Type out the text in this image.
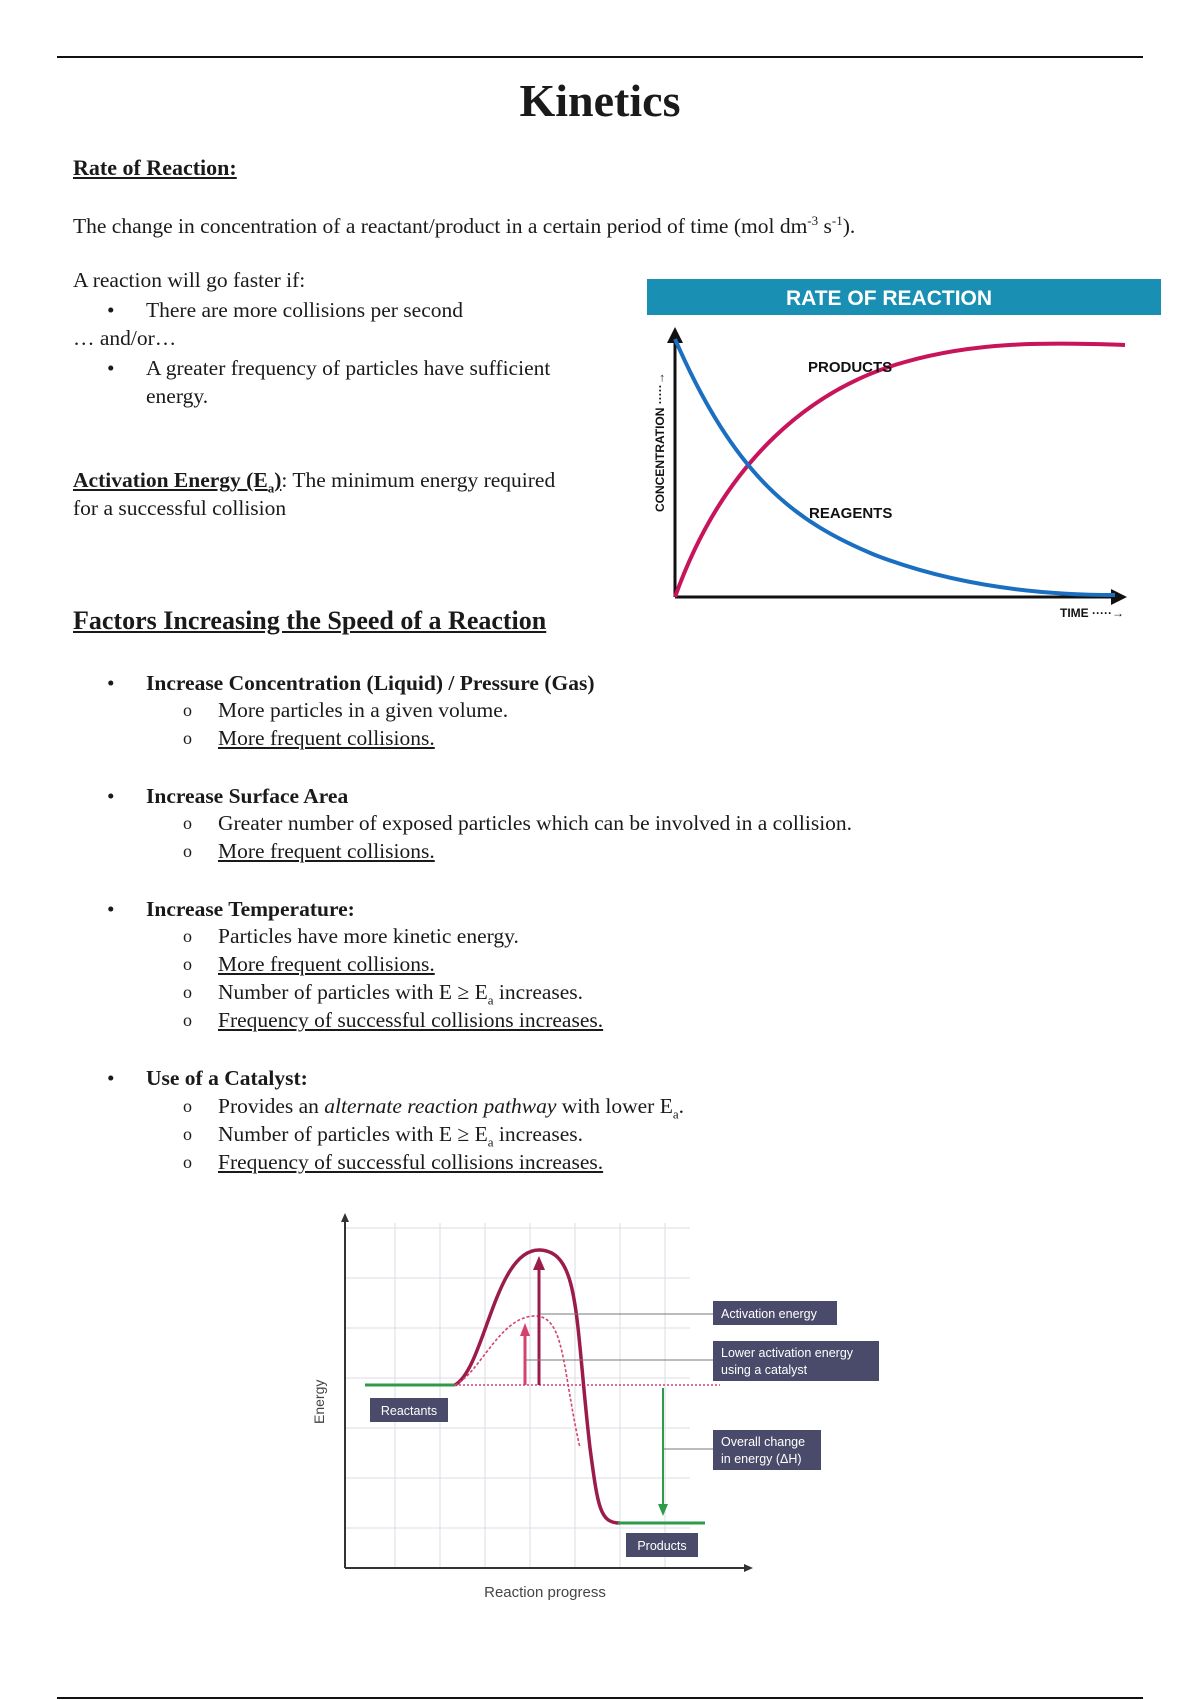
Kinetics
Rate of Reaction:

The change in concentration of a reactant/product in a certain period of time (mol $dm^{-3}$ $s^{-1}$).

A reaction will go faster if:

• There are more collisions per second

… and/or…

• A greater frequency of particles have sufficient
energy.

Activation Energy $(E_a)$: The minimum energy required
for a successful collision

RATE OF REACTION
PRODUCTS
REAGENTS
CONCENTRATION ·····→
TIME ·····→
Factors Increasing the Speed of a Reaction
• Increase Concentration (Liquid) / Pressure (Gas)
o More particles in a given volume.
o More frequent collisions.
• Increase Surface Area
o Greater number of exposed particles which can be involved in a collision.
o More frequent collisions.
• Increase Temperature:
o Particles have more kinetic energy.
o More frequent collisions.
o Number of particles with $E \ge E_a$ increases.
o Frequency of successful collisions increases.
• Use of a Catalyst:
o Provides an alternate reaction pathway with lower $E_a$.
o Number of particles with $E \ge E_a$ increases.
o Frequency of successful collisions increases.
Activation energy
Lower activation energy
using a catalyst
Overall change
in energy (ΔH)
Reactants
Products
Energy
Reaction progress
